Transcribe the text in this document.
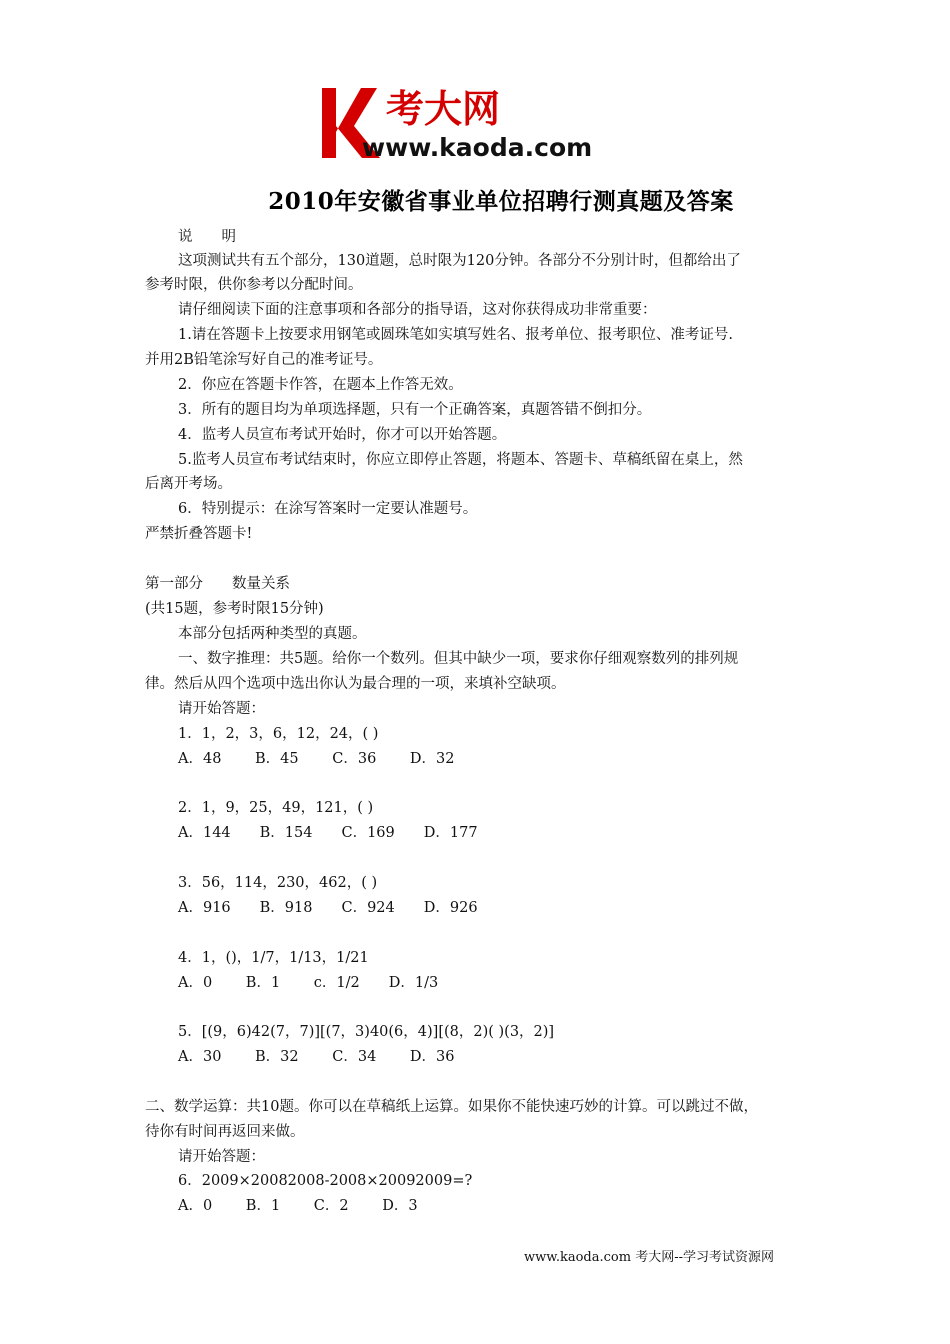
考大网
www.kaoda.com
2010年安徽省事业单位招聘行测真题及答案
说　　明
这项测试共有五个部分，130道题，总时限为120分钟。各部分不分别计时，但都给出了
参考时限，供你参考以分配时间。
请仔细阅读下面的注意事项和各部分的指导语，这对你获得成功非常重要：
1.请在答题卡上按要求用钢笔或圆珠笔如实填写姓名、报考单位、报考职位、准考证号.
并用2B铅笔涂写好自己的准考证号。
2．你应在答题卡作答，在题本上作答无效。
3．所有的题目均为单项选择题，只有一个正确答案，真题答错不倒扣分。
4．监考人员宣布考试开始时，你才可以开始答题。
5.监考人员宣布考试结束时，你应立即停止答题，将题本、答题卡、草稿纸留在桌上，然
后离开考场。
6．特别提示：在涂写答案时一定要认准题号。
严禁折叠答题卡!
第一部分　　数量关系
(共15题，参考时限15分钟)
本部分包括两种类型的真题。
一、数字推理：共5题。给你一个数列。但其中缺少一项，要求你仔细观察数列的排列规
律。然后从四个选项中选出你认为最合理的一项，来填补空缺项。
请开始答题：
1．1，2，3，6，12，24，( )
A．48　　 B．45　　 C．36　　 D．32
2．1，9，25，49，121，( )
A．144　　B．154　　C．169　　D．177
3．56，114，230，462，( )
A．916　　B．918　　C．924　　D．926
4．1，()，1/7，1/13，1/21
A．0　　 B．1　　 c．1/2　　D．1/3
5．[(9，6)42(7，7)][(7，3)40(6，4)][(8，2)( )(3，2)]
A．30　　 B．32　　 C．34　　 D．36
二、数学运算：共10题。你可以在草稿纸上运算。如果你不能快速巧妙的计算。可以跳过不做，
待你有时间再返回来做。
请开始答题：
6．2009×20082008-2008×20092009=?
A．0　　 B．1　　 C．2　　 D．3
www.kaoda.com 考大网--学习考试资源网
